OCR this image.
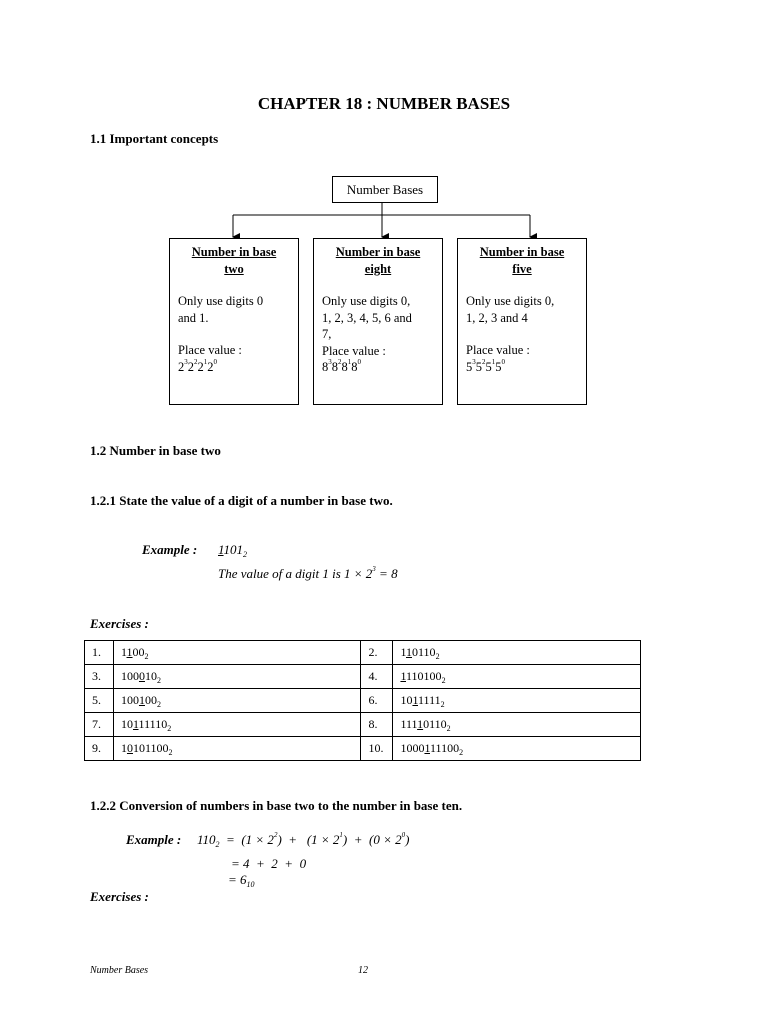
CHAPTER 18 : NUMBER BASES
1.1 Important concepts
Number Bases
Number in base
two
Only use digits 0
and 1.
Place value :
$2^32^22^12^0$
Number in base
eight
Only use digits 0,
1, 2, 3, 4, 5, 6 and
7,
Place value :
$8^38^28^18^0$
Number in base
five
Only use digits 0,
1, 2, 3 and 4
Place value :
$5^35^25^15^0$
1.2 Number in base two
1.2.1 State the value of a digit of a number in base two.
Example : $1101_2$
The value of a digit 1 is $1 \times 2^3 = 8$
Exercises :
1.	$1100_2$	2.	$110110_2$
3.	$100010_2$	4.	$1110100_2$
5.	$100100_2$	6.	$1011111_2$
7.	$10111110_2$	8.	$11110110_2$
9.	$10101100_2$	10.	$1000111100_2$
1.2.2 Conversion of numbers in base two to the number in base ten.
Example : $110_2 = (1 \times 2^2) + (1 \times 2^1) + (0 \times 2^0)$
= 4  +  2  +  0
= $6_{10}$
Exercises :
Number Bases	12
